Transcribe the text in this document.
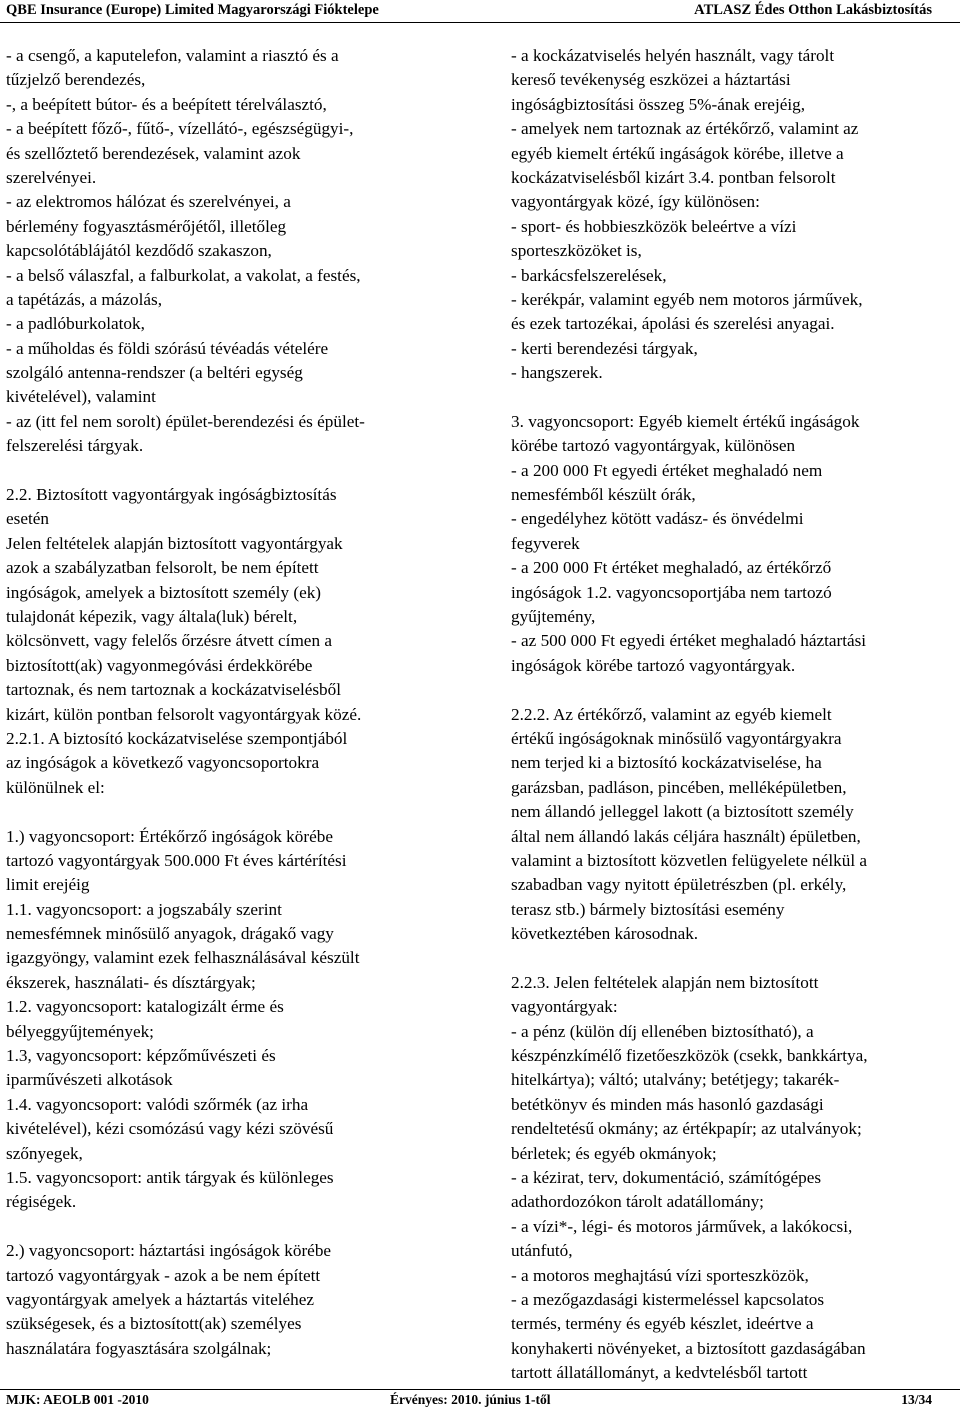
QBE Insurance (Europe) Limited Magyarországi Fióktelepe	ATLASZ Édes Otthon Lakásbiztosítás
- a csengő, a kaputelefon, valamint a riasztó és a
tűzjelző berendezés,
-, a beépített bútor- és a beépített térelválasztó,
- a beépített főző-, fűtő-, vízellátó-, egészségügyi-,
és szellőztető berendezések, valamint azok
szerelvényei.
- az elektromos hálózat és szerelvényei, a
bérlemény fogyasztásmérőjétől, illetőleg
kapcsolótáblájától kezdődő szakaszon,
- a belső válaszfal, a falburkolat, a vakolat, a festés,
a tapétázás, a mázolás,
- a padlóburkolatok,
- a műholdas és földi szórású tévéadás vételére
szolgáló antenna-rendszer (a beltéri egység
kivételével), valamint
- az (itt fel nem sorolt) épület-berendezési és épület-
felszerelési tárgyak.
2.2. Biztosított vagyontárgyak ingóságbiztosítás
esetén
Jelen feltételek alapján biztosított vagyontárgyak
azok a szabályzatban felsorolt, be nem épített
ingóságok, amelyek a biztosított személy (ek)
tulajdonát képezik, vagy általa(luk) bérelt,
kölcsönvett, vagy felelős őrzésre átvett címen a
biztosított(ak) vagyonmegóvási érdekkörébe
tartoznak, és nem tartoznak a kockázatviselésből
kizárt, külön pontban felsorolt vagyontárgyak közé.
2.2.1. A biztosító kockázatviselése szempontjából
az ingóságok a következő vagyoncsoportokra
különülnek el:
1.) vagyoncsoport: Értékőrző ingóságok körébe
tartozó vagyontárgyak 500.000 Ft éves kártérítési
limit erejéig
1.1. vagyoncsoport: a jogszabály szerint
nemesfémnek minősülő anyagok, drágakő vagy
igazgyöngy, valamint ezek felhasználásával készült
ékszerek, használati- és dísztárgyak;
1.2. vagyoncsoport: katalogizált érme és
bélyeggyűjtemények;
1.3, vagyoncsoport: képzőművészeti és
iparművészeti alkotások
1.4. vagyoncsoport: valódi szőrmék (az irha
kivételével), kézi csomózású vagy kézi szövésű
szőnyegek,
1.5. vagyoncsoport: antik tárgyak és különleges
régiségek.
2.) vagyoncsoport: háztartási ingóságok körébe
tartozó vagyontárgyak - azok a be nem épített
vagyontárgyak amelyek a háztartás viteléhez
szükségesek, és a biztosított(ak) személyes
használatára fogyasztására szolgálnak;
- a kockázatviselés helyén használt, vagy tárolt
kereső tevékenység eszközei a háztartási
ingóságbiztosítási összeg 5%-ának erejéig,
- amelyek nem tartoznak az értékőrző, valamint az
egyéb kiemelt értékű ingáságok körébe, illetve a
kockázatviselésből kizárt 3.4. pontban felsorolt
vagyontárgyak közé, így különösen:
- sport- és hobbieszközök beleértve a vízi
sporteszközöket is,
- barkácsfelszerelések,
- kerékpár, valamint egyéb nem motoros járművek,
és ezek tartozékai, ápolási és szerelési anyagai.
- kerti berendezési tárgyak,
- hangszerek.
3. vagyoncsoport: Egyéb kiemelt értékű ingáságok
körébe tartozó vagyontárgyak, különösen
- a 200 000 Ft egyedi értéket meghaladó nem
nemesfémből készült órák,
- engedélyhez kötött vadász- és önvédelmi
fegyverek
- a 200 000 Ft értéket meghaladó, az értékőrző
ingóságok 1.2. vagyoncsoportjába nem tartozó
gyűjtemény,
- az 500 000 Ft egyedi értéket meghaladó háztartási
ingóságok körébe tartozó vagyontárgyak.
2.2.2. Az értékőrző, valamint az egyéb kiemelt
értékű ingóságoknak minősülő vagyontárgyakra
nem terjed ki a biztosító kockázatviselése, ha
garázsban, padláson, pincében, melléképületben,
nem állandó jelleggel lakott (a biztosított személy
által nem állandó lakás céljára használt) épületben,
valamint a biztosított közvetlen felügyelete nélkül a
szabadban vagy nyitott épületrészben (pl. erkély,
terasz stb.) bármely biztosítási esemény
következtében károsodnak.
2.2.3. Jelen feltételek alapján nem biztosított
vagyontárgyak:
- a pénz (külön díj ellenében biztosítható), a
készpénzkímélő fizetőeszközök (csekk, bankkártya,
hitelkártya); váltó; utalvány; betétjegy; takarék-
betétkönyv és minden más hasonló gazdasági
rendeltetésű okmány; az értékpapír; az utalványok;
bérletek; és egyéb okmányok;
- a kézirat, terv, dokumentáció, számítógépes
adathordozókon tárolt adatállomány;
- a vízi*-, légi- és motoros járművek, a lakókocsi,
utánfutó,
- a motoros meghajtású vízi sporteszközök,
- a mezőgazdasági kistermeléssel kapcsolatos
termés, termény és egyéb készlet, ideértve a
konyhakerti növényeket, a biztosított gazdaságában
tartott állatállományt, a kedvtelésből tartott
MJK: AEOLB 001 -2010	Érvényes: 2010. június 1-től	13/34
